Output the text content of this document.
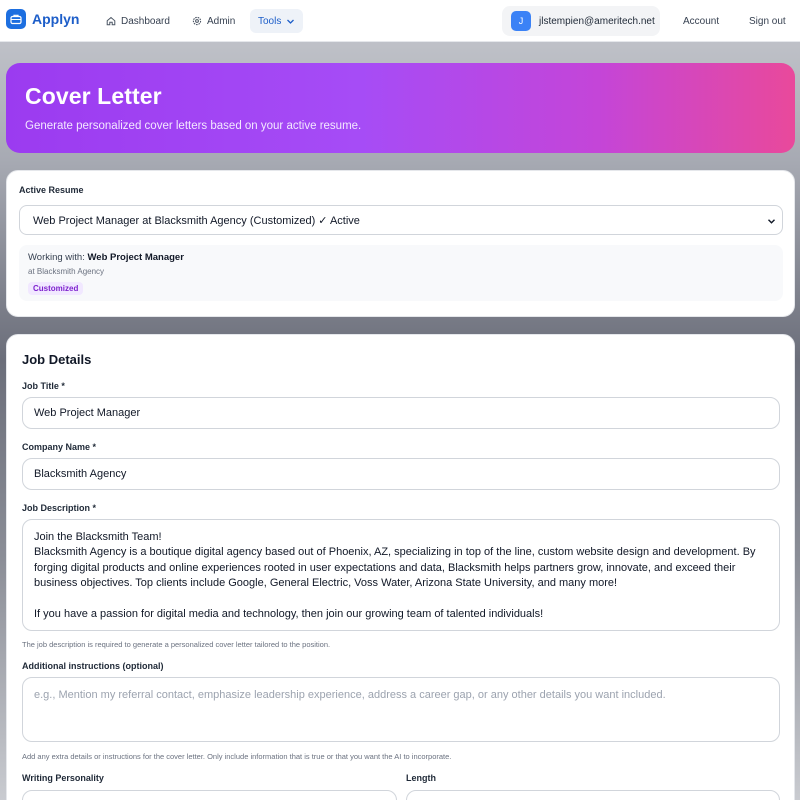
Applyn	Dashboard	Admin Tools	J	jlstempien@ameritech.net	Account	Sign out
Cover Letter

Generate personalized cover letters based on your active resume.

Active Resume
Web Project Manager at Blacksmith Agency (Customized) ✓ Active
Working with: Web Project Manager
at Blacksmith Agency
Customized
Job Details
Job Title *
Web Project Manager
Company Name *
Blacksmith Agency
Job Description *
Join the Blacksmith Team!
Blacksmith Agency is a boutique digital agency based out of Phoenix, AZ, specializing in top of the line, custom website design and development. By forging digital products and online experiences rooted in user expectations and data, Blacksmith helps partners grow, innovate, and exceed their business objectives. Top clients include Google, General Electric, Voss Water, Arizona State University, and many more!
If you have a passion for digital media and technology, then join our growing team of talented individuals!
The job description is required to generate a personalized cover letter tailored to the position.
Additional instructions (optional)
e.g., Mention my referral contact, emphasize leadership experience, address a career gap, or any other details you want included.
Add any extra details or instructions for the cover letter. Only include information that is true or that you want the AI to incorporate.
Writing Personality	Length
